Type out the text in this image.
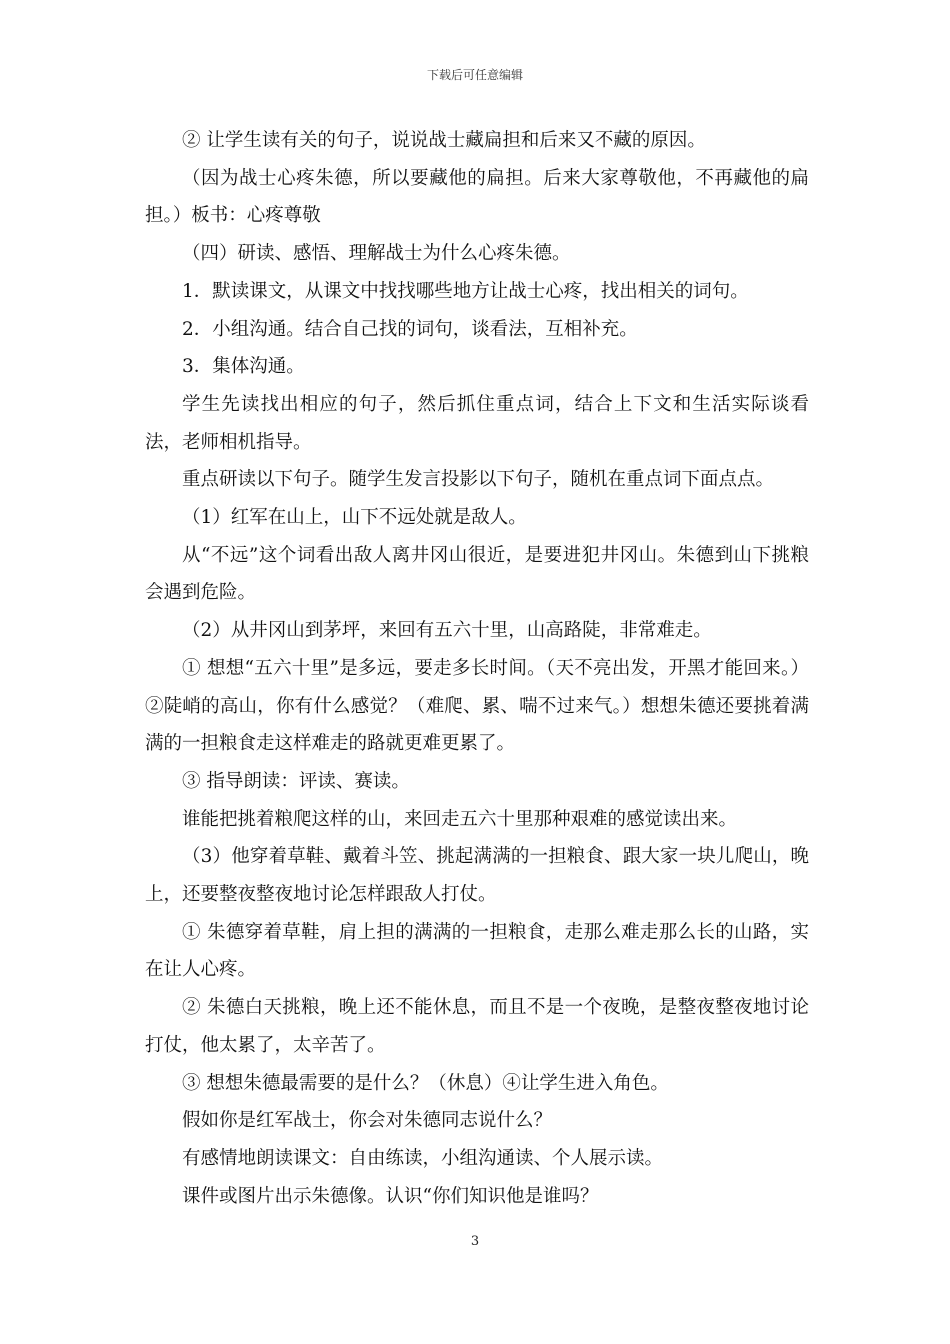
下载后可任意编辑

② 让学生读有关的句子，说说战士藏扁担和后来又不藏的原因。

（因为战士心疼朱德，所以要藏他的扁担。后来大家尊敬他，不再藏他的扁担。）板书：心疼尊敬

（四）研读、感悟、理解战士为什么心疼朱德。

1．默读课文，从课文中找找哪些地方让战士心疼，找出相关的词句。

2．小组沟通。结合自己找的词句，谈看法，互相补充。

3．集体沟通。

学生先读找出相应的句子，然后抓住重点词，结合上下文和生活实际谈看法，老师相机指导。

重点研读以下句子。随学生发言投影以下句子，随机在重点词下面点点。

（1）红军在山上，山下不远处就是敌人。

从“不远”这个词看出敌人离井冈山很近，是要进犯井冈山。朱德到山下挑粮会遇到危险。

（2）从井冈山到茅坪，来回有五六十里，山高路陡，非常难走。

① 想想“五六十里”是多远，要走多长时间。（天不亮出发，开黑才能回来。）②陡峭的高山，你有什么感觉？（难爬、累、喘不过来气。）想想朱德还要挑着满满的一担粮食走这样难走的路就更难更累了。

③ 指导朗读：评读、赛读。

谁能把挑着粮爬这样的山，来回走五六十里那种艰难的感觉读出来。

（3）他穿着草鞋、戴着斗笠、挑起满满的一担粮食、跟大家一块儿爬山，晚上，还要整夜整夜地讨论怎样跟敌人打仗。

① 朱德穿着草鞋，肩上担的满满的一担粮食，走那么难走那么长的山路，实在让人心疼。

② 朱德白天挑粮，晚上还不能休息，而且不是一个夜晚，是整夜整夜地讨论打仗，他太累了，太辛苦了。

③ 想想朱德最需要的是什么？（休息）④让学生进入角色。

假如你是红军战士，你会对朱德同志说什么？

有感情地朗读课文：自由练读，小组沟通读、个人展示读。

课件或图片出示朱德像。认识“你们知识他是谁吗？

3
